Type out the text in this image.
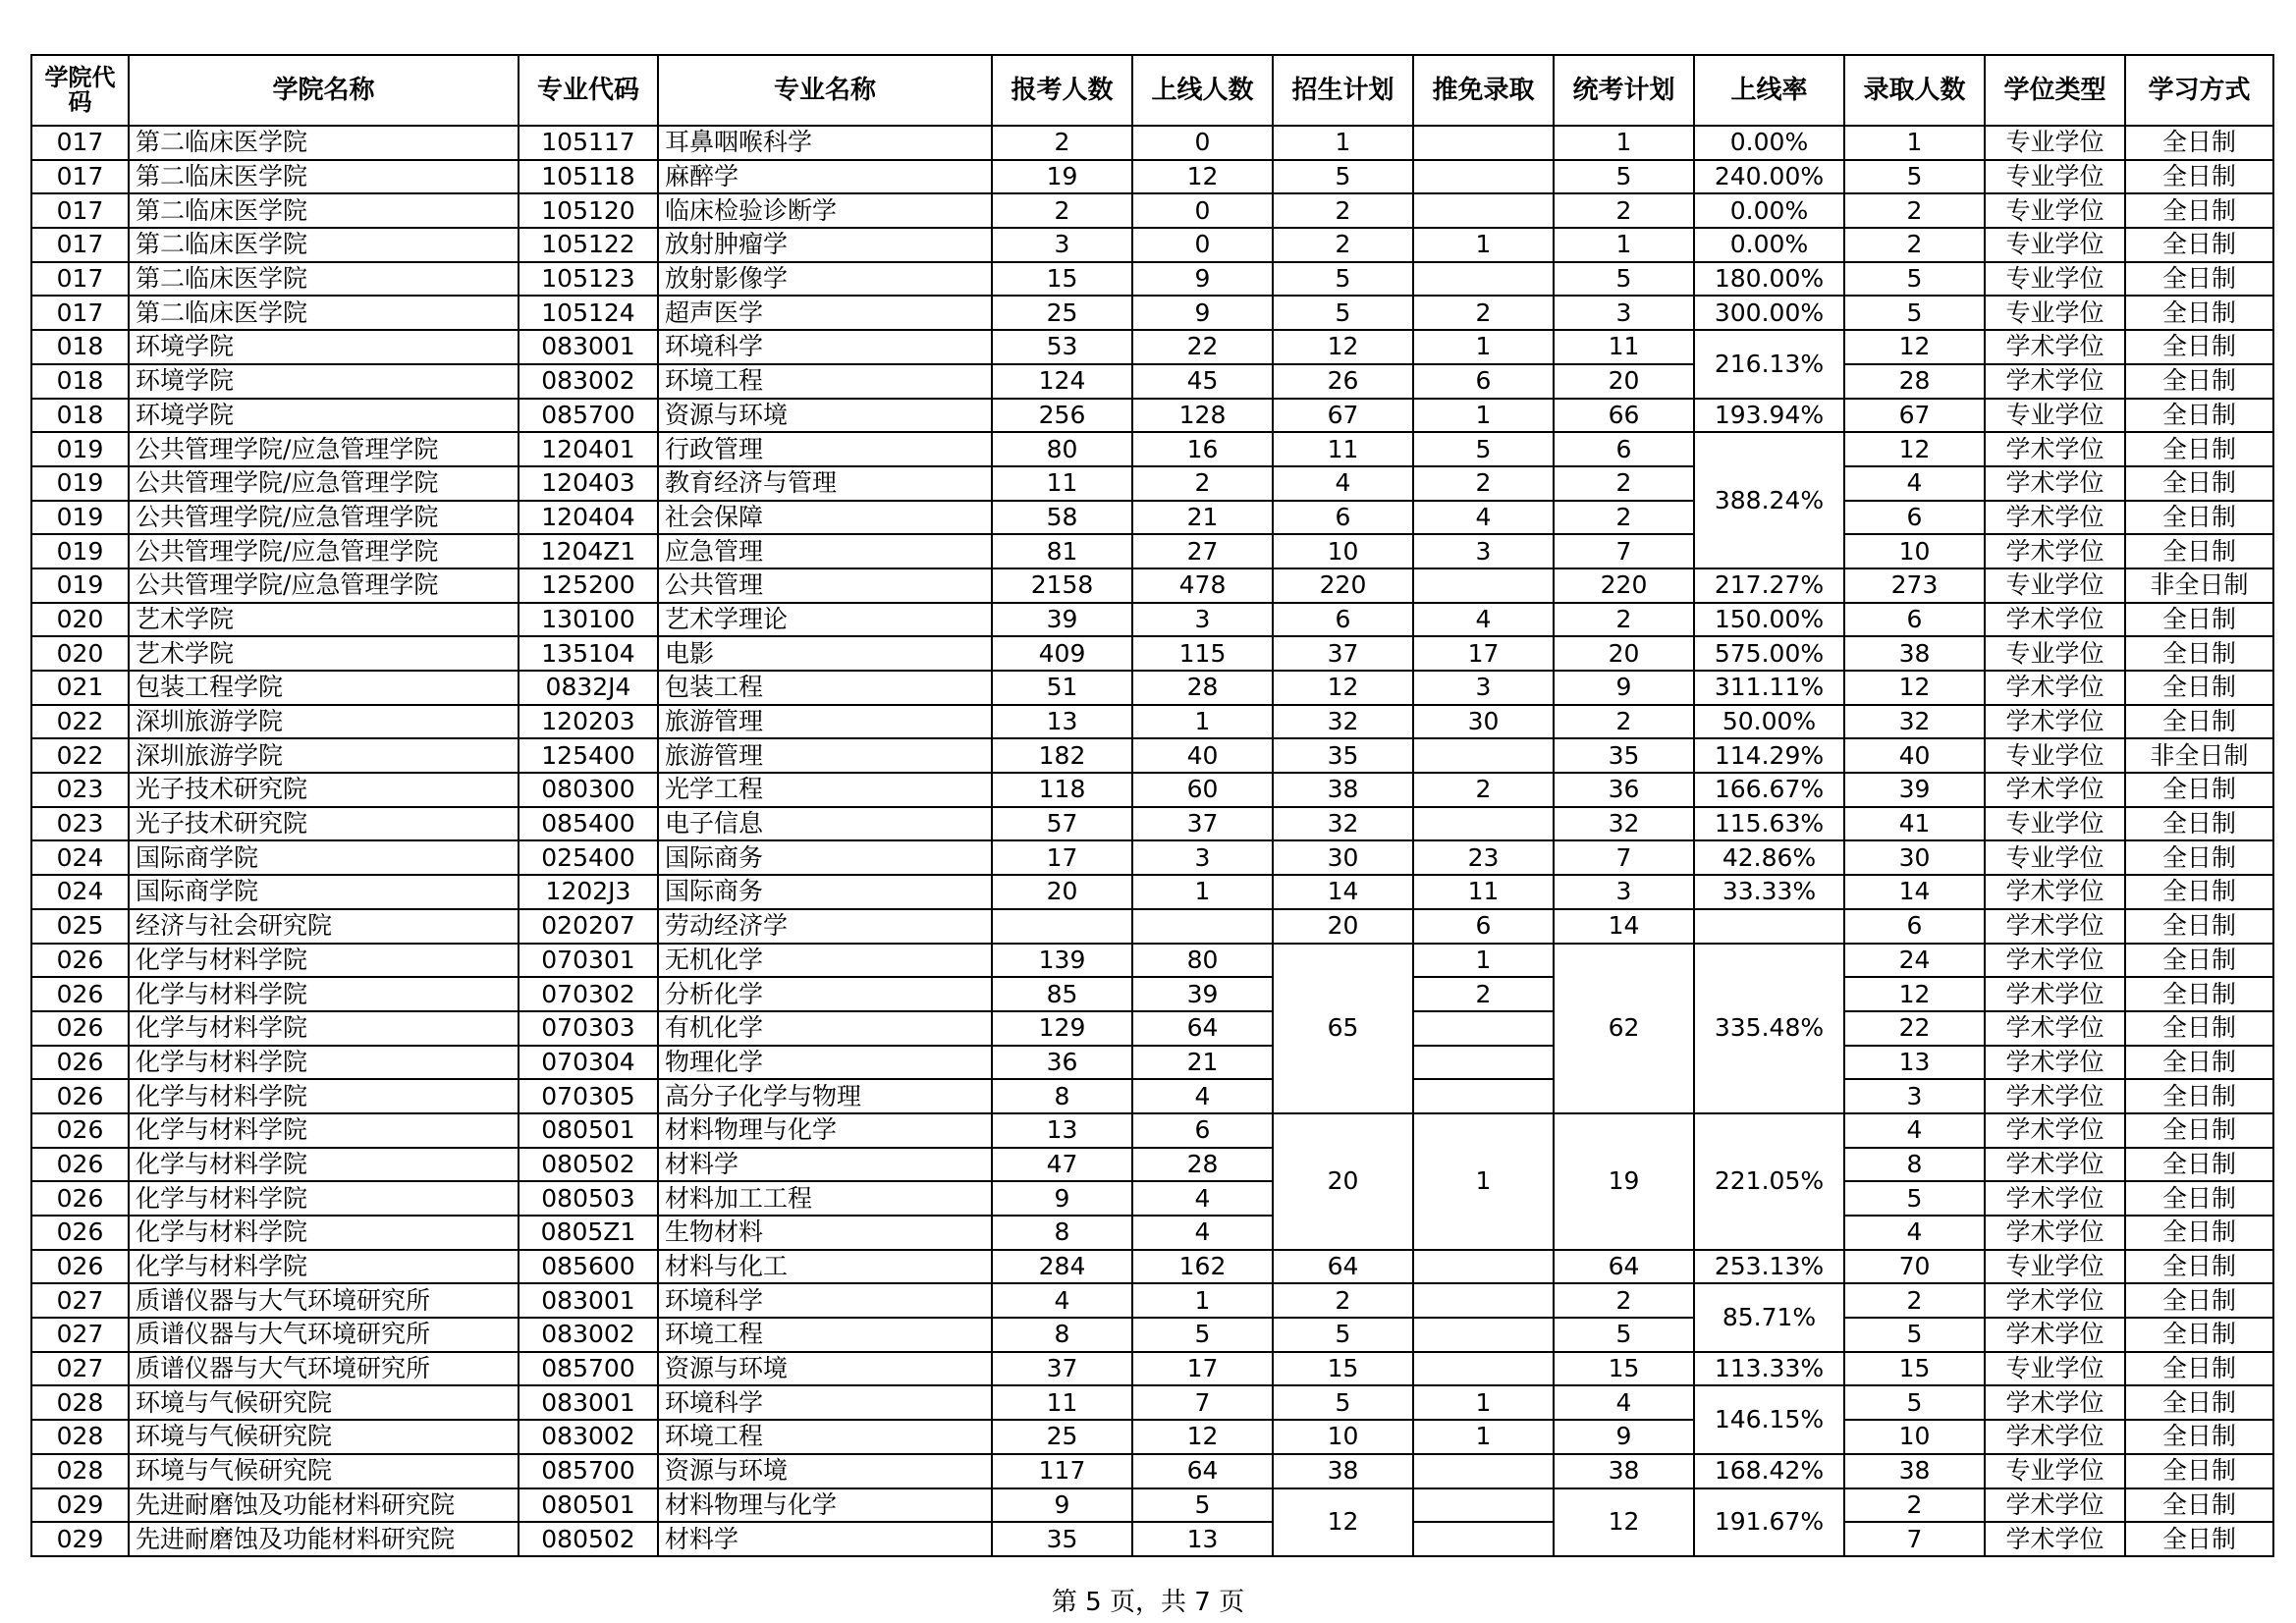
学院代码	学院名称	专业代码	专业名称	报考人数	上线人数	招生计划	推免录取	统考计划	上线率	录取人数	学位类型	学习方式
017	第二临床医学院	105117	耳鼻咽喉科学	2	0	1		1	0.00%	1	专业学位	全日制
017	第二临床医学院	105118	麻醉学	19	12	5		5	240.00%	5	专业学位	全日制
017	第二临床医学院	105120	临床检验诊断学	2	0	2		2	0.00%	2	专业学位	全日制
017	第二临床医学院	105122	放射肿瘤学	3	0	2	1	1	0.00%	2	专业学位	全日制
017	第二临床医学院	105123	放射影像学	15	9	5		5	180.00%	5	专业学位	全日制
017	第二临床医学院	105124	超声医学	25	9	5	2	3	300.00%	5	专业学位	全日制
018	环境学院	083001	环境科学	53	22	12	1	11	216.13%	12	学术学位	全日制
018	环境学院	083002	环境工程	124	45	26	6	20		28	学术学位	全日制
018	环境学院	085700	资源与环境	256	128	67	1	66	193.94%	67	专业学位	全日制
019	公共管理学院/应急管理学院	120401	行政管理	80	16	11	5	6	388.24%	12	学术学位	全日制
019	公共管理学院/应急管理学院	120403	教育经济与管理	11	2	4	2	2		4	学术学位	全日制
019	公共管理学院/应急管理学院	120404	社会保障	58	21	6	4	2		6	学术学位	全日制
019	公共管理学院/应急管理学院	1204Z1	应急管理	81	27	10	3	7		10	学术学位	全日制
019	公共管理学院/应急管理学院	125200	公共管理	2158	478	220		220	217.27%	273	专业学位	非全日制
020	艺术学院	130100	艺术学理论	39	3	6	4	2	150.00%	6	学术学位	全日制
020	艺术学院	135104	电影	409	115	37	17	20	575.00%	38	专业学位	全日制
021	包装工程学院	0832J4	包装工程	51	28	12	3	9	311.11%	12	学术学位	全日制
022	深圳旅游学院	120203	旅游管理	13	1	32	30	2	50.00%	32	学术学位	全日制
022	深圳旅游学院	125400	旅游管理	182	40	35		35	114.29%	40	专业学位	非全日制
023	光子技术研究院	080300	光学工程	118	60	38	2	36	166.67%	39	学术学位	全日制
023	光子技术研究院	085400	电子信息	57	37	32		32	115.63%	41	专业学位	全日制
024	国际商学院	025400	国际商务	17	3	30	23	7	42.86%	30	专业学位	全日制
024	国际商学院	1202J3	国际商务	20	1	14	11	3	33.33%	14	学术学位	全日制
025	经济与社会研究院	020207	劳动经济学			20	6	14		6	学术学位	全日制
026	化学与材料学院	070301	无机化学	139	80	65	1	62	335.48%	24	学术学位	全日制
026	化学与材料学院	070302	分析化学	85	39		2			12	学术学位	全日制
026	化学与材料学院	070303	有机化学	129	64					22	学术学位	全日制
026	化学与材料学院	070304	物理化学	36	21					13	学术学位	全日制
026	化学与材料学院	070305	高分子化学与物理	8	4					3	学术学位	全日制
026	化学与材料学院	080501	材料物理与化学	13	6	20	1	19	221.05%	4	学术学位	全日制
026	化学与材料学院	080502	材料学	47	28					8	学术学位	全日制
026	化学与材料学院	080503	材料加工工程	9	4					5	学术学位	全日制
026	化学与材料学院	0805Z1	生物材料	8	4					4	学术学位	全日制
026	化学与材料学院	085600	材料与化工	284	162	64		64	253.13%	70	专业学位	全日制
027	质谱仪器与大气环境研究所	083001	环境科学	4	1	2		2	85.71%	2	学术学位	全日制
027	质谱仪器与大气环境研究所	083002	环境工程	8	5	5		5		5	学术学位	全日制
027	质谱仪器与大气环境研究所	085700	资源与环境	37	17	15		15	113.33%	15	专业学位	全日制
028	环境与气候研究院	083001	环境科学	11	7	5	1	4	146.15%	5	学术学位	全日制
028	环境与气候研究院	083002	环境工程	25	12	10	1	9		10	学术学位	全日制
028	环境与气候研究院	085700	资源与环境	117	64	38		38	168.42%	38	专业学位	全日制
029	先进耐磨蚀及功能材料研究院	080501	材料物理与化学	9	5	12		12	191.67%	2	学术学位	全日制
029	先进耐磨蚀及功能材料研究院	080502	材料学	35	13					7	学术学位	全日制
第 5 页，共 7 页
